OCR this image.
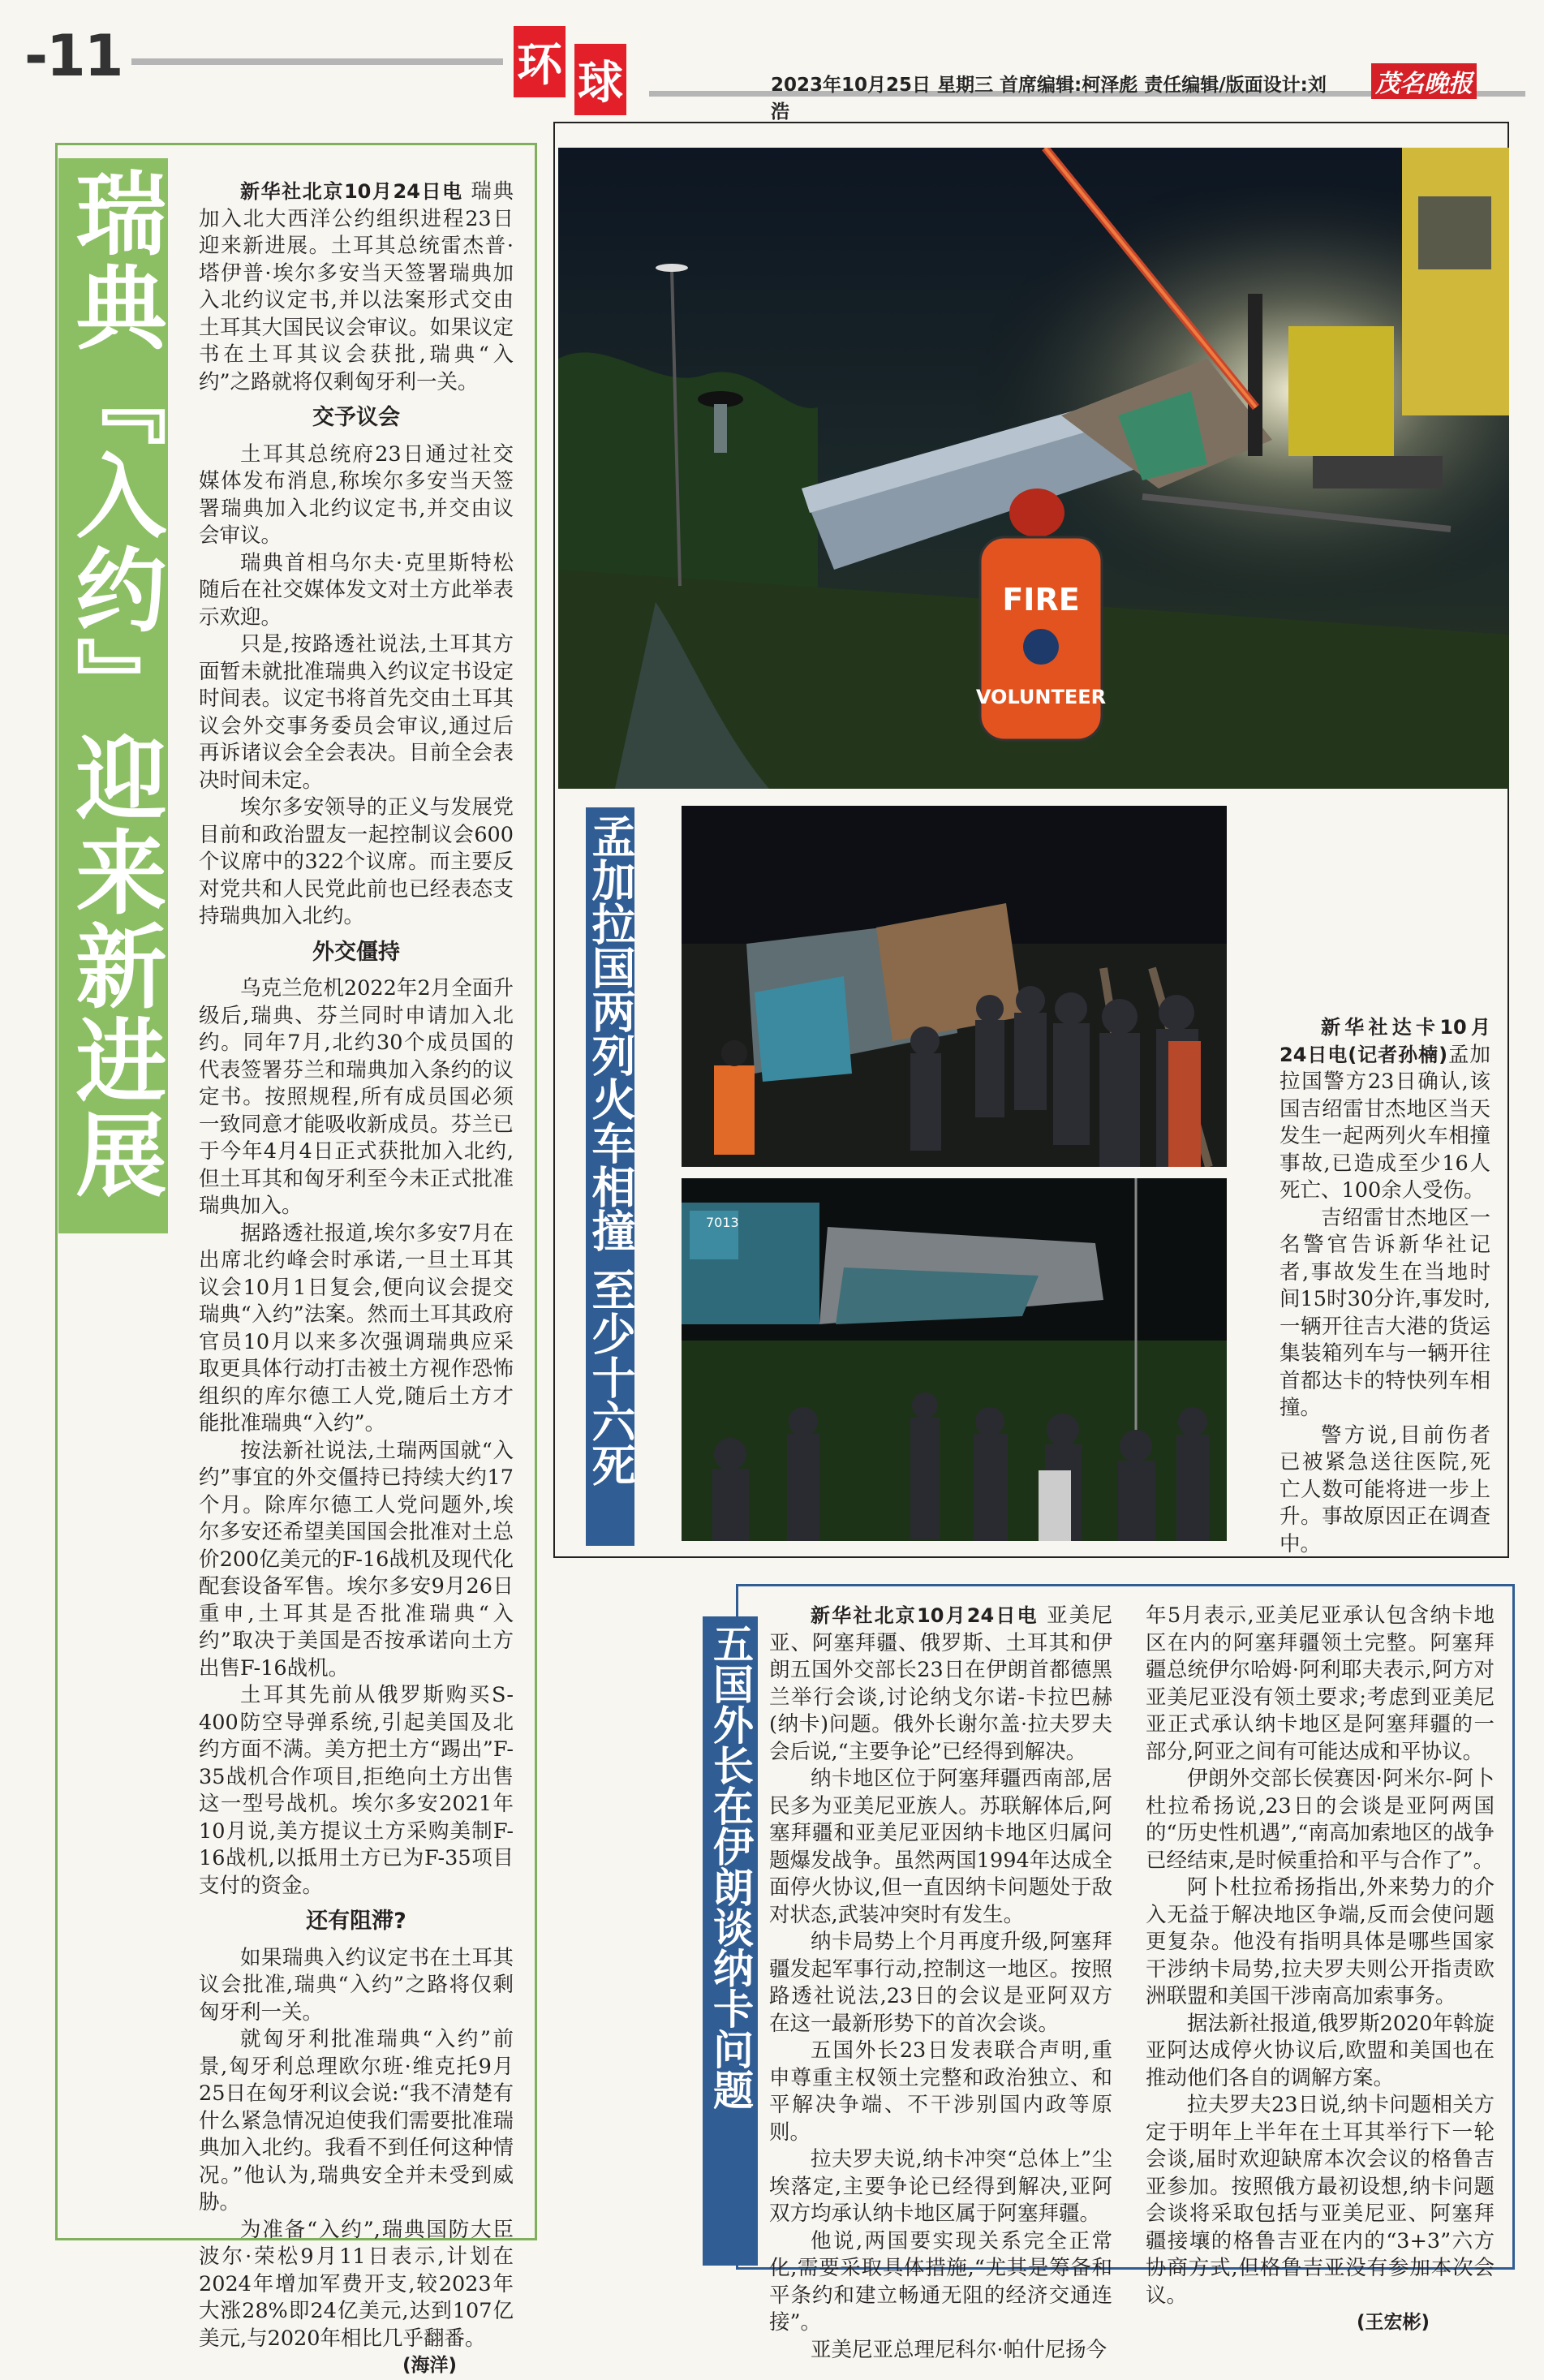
-11	环 球	2023年10月25日 星期三 首席编辑:柯泽彪 责任编辑/版面设计:刘浩
茂名晚报
瑞典『入约』迎来新进展	新华社北京10月24日电 瑞典加入北大西洋公约组织进程23日迎来新进展。土耳其总统雷杰普·塔伊普·埃尔多安当天签署瑞典加入北约议定书,并以法案形式交由土耳其大国民议会审议。如果议定书在土耳其议会获批,瑞典“入约”之路就将仅剩匈牙利一关。

交予议会

土耳其总统府23日通过社交媒体发布消息,称埃尔多安当天签署瑞典加入北约议定书,并交由议会审议。

瑞典首相乌尔夫·克里斯特松随后在社交媒体发文对土方此举表示欢迎。

只是,按路透社说法,土耳其方面暂未就批准瑞典入约议定书设定时间表。议定书将首先交由土耳其议会外交事务委员会审议,通过后再诉诸议会全会表决。目前全会表决时间未定。

埃尔多安领导的正义与发展党目前和政治盟友一起控制议会600个议席中的322个议席。而主要反对党共和人民党此前也已经表态支持瑞典加入北约。

外交僵持

乌克兰危机2022年2月全面升级后,瑞典、芬兰同时申请加入北约。同年7月,北约30个成员国的代表签署芬兰和瑞典加入条约的议定书。按照规程,所有成员国必须一致同意才能吸收新成员。芬兰已于今年4月4日正式获批加入北约,但土耳其和匈牙利至今未正式批准瑞典加入。

据路透社报道,埃尔多安7月在出席北约峰会时承诺,一旦土耳其议会10月1日复会,便向议会提交瑞典“入约”法案。然而土耳其政府官员10月以来多次强调瑞典应采取更具体行动打击被土方视作恐怖组织的库尔德工人党,随后土方才能批准瑞典“入约”。

按法新社说法,土瑞两国就“入约”事宜的外交僵持已持续大约17个月。除库尔德工人党问题外,埃尔多安还希望美国国会批准对土总价200亿美元的F-16战机及现代化配套设备军售。埃尔多安9月26日重申,土耳其是否批准瑞典“入约”取决于美国是否按承诺向土方出售F-16战机。

土耳其先前从俄罗斯购买S-400防空导弹系统,引起美国及北约方面不满。美方把土方“踢出”F-35战机合作项目,拒绝向土方出售这一型号战机。埃尔多安2021年10月说,美方提议土方采购美制F-16战机,以抵用土方已为F-35项目支付的资金。

还有阻滞?

如果瑞典入约议定书在土耳其议会批准,瑞典“入约”之路将仅剩匈牙利一关。

就匈牙利批准瑞典“入约”前景,匈牙利总理欧尔班·维克托9月25日在匈牙利议会说:“我不清楚有什么紧急情况迫使我们需要批准瑞典加入北约。我看不到任何这种情况。”他认为,瑞典安全并未受到威胁。

为准备“入约”,瑞典国防大臣波尔·荣松9月11日表示,计划在2024年增加军费开支,较2023年大涨28%即24亿美元,达到107亿美元,与2020年相比几乎翻番。

(海洋)
FIRE
VOLUNTEER
孟加拉国两列火车相撞 至少十六死	7013

新华社达卡10月24日电(记者孙楠)孟加拉国警方23日确认,该国吉绍雷甘杰地区当天发生一起两列火车相撞事故,已造成至少16人死亡、100余人受伤。

吉绍雷甘杰地区一名警官告诉新华社记者,事故发生在当地时间15时30分许,事发时,一辆开往吉大港的货运集装箱列车与一辆开往首都达卡的特快列车相撞。

警方说,目前伤者已被紧急送往医院,死亡人数可能将进一步上升。事故原因正在调查中。

五国外长在伊朗谈纳卡问题

新华社北京10月24日电 亚美尼亚、阿塞拜疆、俄罗斯、土耳其和伊朗五国外交部长23日在伊朗首都德黑兰举行会谈,讨论纳戈尔诺-卡拉巴赫(纳卡)问题。俄外长谢尔盖·拉夫罗夫会后说,“主要争论”已经得到解决。

纳卡地区位于阿塞拜疆西南部,居民多为亚美尼亚族人。苏联解体后,阿塞拜疆和亚美尼亚因纳卡地区归属问题爆发战争。虽然两国1994年达成全面停火协议,但一直因纳卡问题处于敌对状态,武装冲突时有发生。

纳卡局势上个月再度升级,阿塞拜疆发起军事行动,控制这一地区。按照路透社说法,23日的会议是亚阿双方在这一最新形势下的首次会谈。

五国外长23日发表联合声明,重申尊重主权领土完整和政治独立、和平解决争端、不干涉别国内政等原则。

拉夫罗夫说,纳卡冲突“总体上”尘埃落定,主要争论已经得到解决,亚阿双方均承认纳卡地区属于阿塞拜疆。

他说,两国要实现关系完全正常化,需要采取具体措施,“尤其是筹备和平条约和建立畅通无阻的经济交通连接”。

亚美尼亚总理尼科尔·帕什尼扬今

年5月表示,亚美尼亚承认包含纳卡地区在内的阿塞拜疆领土完整。阿塞拜疆总统伊尔哈姆·阿利耶夫表示,阿方对亚美尼亚没有领土要求;考虑到亚美尼亚正式承认纳卡地区是阿塞拜疆的一部分,阿亚之间有可能达成和平协议。

伊朗外交部长侯赛因·阿米尔-阿卜杜拉希扬说,23日的会谈是亚阿两国的“历史性机遇”,“南高加索地区的战争已经结束,是时候重拾和平与合作了”。

阿卜杜拉希扬指出,外来势力的介入无益于解决地区争端,反而会使问题更复杂。他没有指明具体是哪些国家干涉纳卡局势,拉夫罗夫则公开指责欧洲联盟和美国干涉南高加索事务。

据法新社报道,俄罗斯2020年斡旋亚阿达成停火协议后,欧盟和美国也在推动他们各自的调解方案。

拉夫罗夫23日说,纳卡问题相关方定于明年上半年在土耳其举行下一轮会谈,届时欢迎缺席本次会议的格鲁吉亚参加。按照俄方最初设想,纳卡问题会谈将采取包括与亚美尼亚、阿塞拜疆接壤的格鲁吉亚在内的“3+3”六方协商方式,但格鲁吉亚没有参加本次会议。

(王宏彬)
